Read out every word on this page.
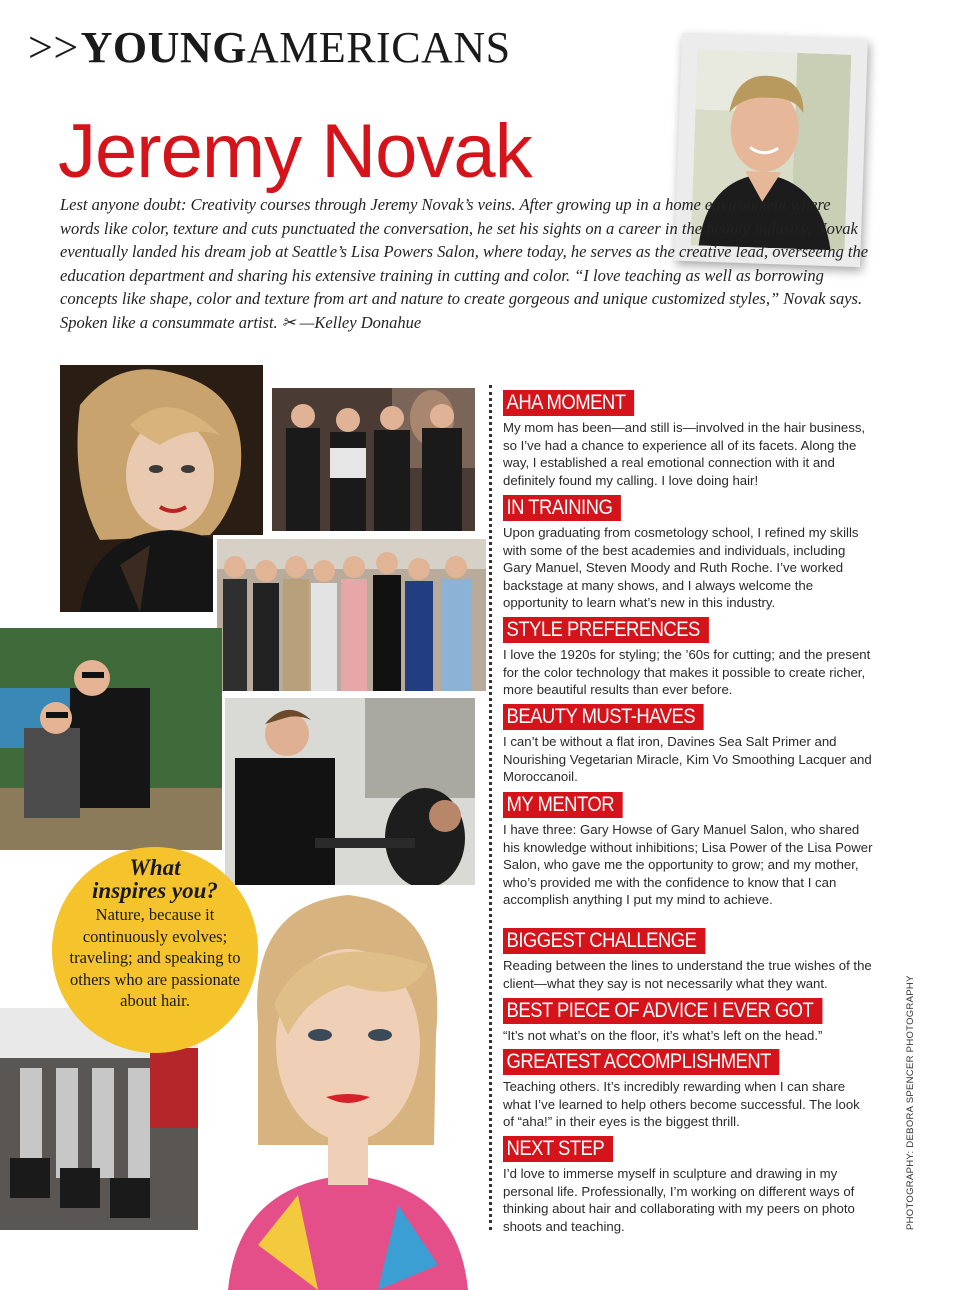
>>YOUNGAMERICANS
Jeremy Novak
Lest anyone doubt: Creativity courses through Jeremy Novak’s veins. After growing up in a home environment where words like color, texture and cuts punctuated the conversation, he set his sights on a career in the beauty industry. Novak eventually landed his dream job at Seattle’s Lisa Powers Salon, where today, he serves as the creative lead, overseeing the education department and sharing his extensive training in cutting and color. “I love teaching as well as borrowing concepts like shape, color and texture from art and nature to create gorgeous and unique customized styles,” Novak says. Spoken like a consummate artist. ✂ —Kelley Donahue
What
inspires you?
Nature, because it continuously evolves; traveling; and speaking to others who are passionate about hair.
AHA MOMENT
My mom has been—and still is—involved in the hair business, so I’ve had a chance to experience all of its facets. Along the way, I established a real emotional connection with it and definitely found my calling. I love doing hair!
IN TRAINING
Upon graduating from cosmetology school, I refined my skills with some of the best academies and individuals, including Gary Manuel, Steven Moody and Ruth Roche. I’ve worked backstage at many shows, and I always welcome the opportunity to learn what’s new in this industry.
STYLE PREFERENCES
I love the 1920s for styling; the ’60s for cutting; and the present for the color technology that makes it possible to create richer, more beautiful results than ever before.
BEAUTY MUST-HAVES
I can’t be without a flat iron, Davines Sea Salt Primer and Nourishing Vegetarian Miracle, Kim Vo Smoothing Lacquer and Moroccanoil.
MY MENTOR
I have three: Gary Howse of Gary Manuel Salon, who shared his knowledge without inhibitions; Lisa Power of the Lisa Power Salon, who gave me the opportunity to grow; and my mother, who’s provided me with the confidence to know that I can accomplish anything I put my mind to achieve.
BIGGEST CHALLENGE
Reading between the lines to understand the true wishes of the client—what they say is not necessarily what they want.
BEST PIECE OF ADVICE I EVER GOT
“It’s not what’s on the floor, it’s what’s left on the head.”
GREATEST ACCOMPLISHMENT
Teaching others. It’s incredibly rewarding when I can share what I’ve learned to help others become successful. The look of “aha!” in their eyes is the biggest thrill.
NEXT STEP
I’d love to immerse myself in sculpture and drawing in my personal life. Professionally, I’m working on different ways of thinking about hair and collaborating with my peers on photo shoots and teaching.	PHOTOGRAPHY: DEBORA SPENCER PHOTOGRAPHY
